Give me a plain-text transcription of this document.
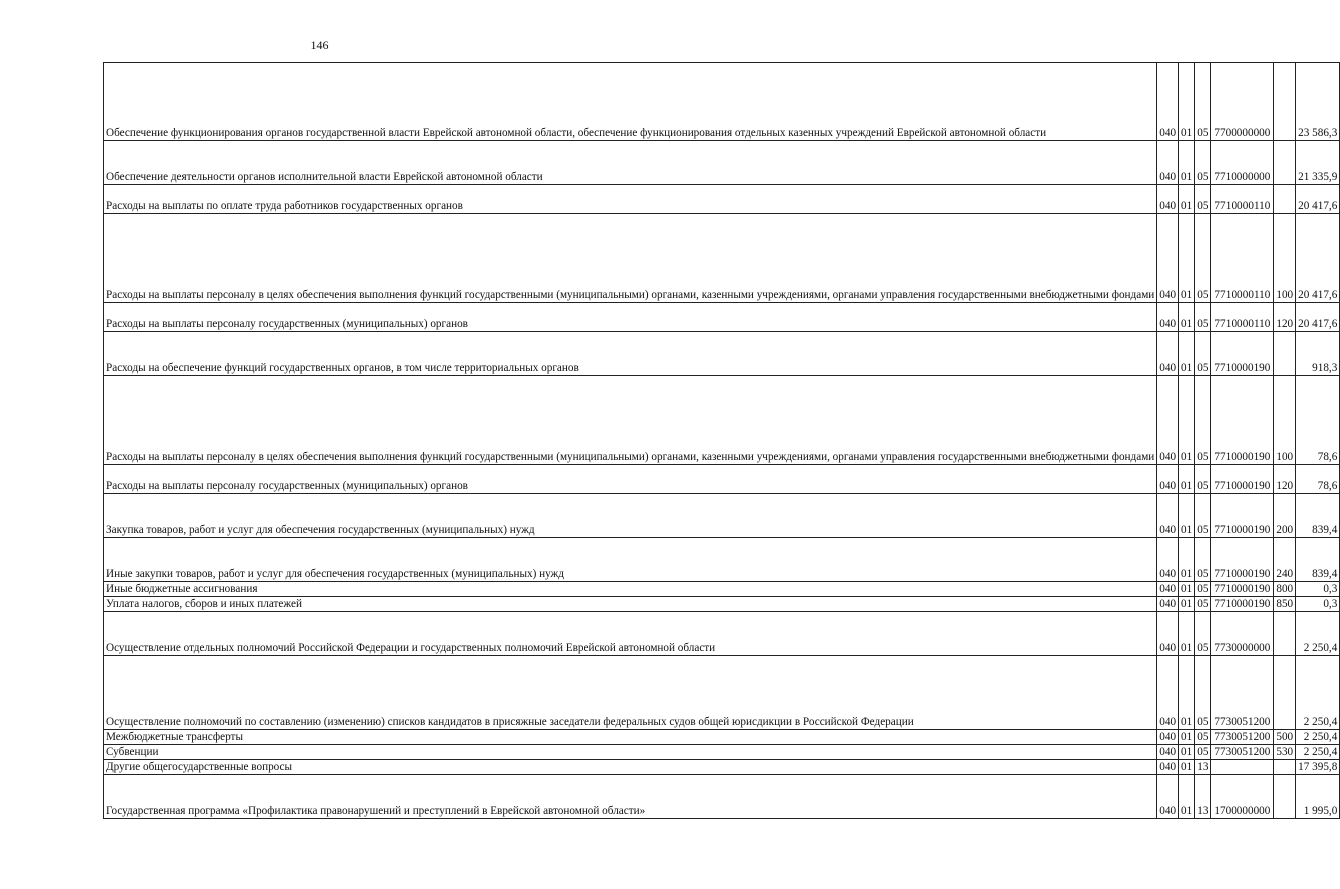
146
Обеспечение функционирования органов государственной власти Еврейской автономной области, обеспечение функционирования отдельных казенных учреждений Еврейской автономной области	040	01	05	77 0 00 00000		23 586,3

Обеспечение деятельности органов исполнительной власти Еврейской автономной области	040	01	05	77 1 00 00000		21 335,9

Расходы на выплаты по оплате труда работников государственных органов	040	01	05	77 1 00 00110		20 417,6

Расходы на выплаты персоналу в целях обеспечения выполнения функций государственными (муниципальными) органами, казенными учреждениями, органами управления государственными внебюджетными фондами	040	01	05	77 1 00 00110	100	20 417,6

Расходы на выплаты персоналу государственных (муниципальных) органов	040	01	05	77 1 00 00110	120	20 417,6

Расходы на обеспечение функций государственных органов, в том числе территориальных органов	040	01	05	77 1 00 00190		918,3

Расходы на выплаты персоналу в целях обеспечения выполнения функций государственными (муниципальными) органами, казенными учреждениями, органами управления государственными внебюджетными фондами	040	01	05	77 1 00 00190	100	78,6

Расходы на выплаты персоналу государственных (муниципальных) органов	040	01	05	77 1 00 00190	120	78,6

Закупка товаров, работ и услуг для обеспечения государственных (муниципальных) нужд	040	01	05	77 1 00 00190	200	839,4

Иные закупки товаров, работ и услуг для обеспечения государственных (муниципальных) нужд	040	01	05	77 1 00 00190	240	839,4

Иные бюджетные ассигнования	040	01	05	77 1 00 00190	800	0,3

Уплата налогов, сборов и иных платежей	040	01	05	77 1 00 00190	850	0,3

Осуществление отдельных полномочий Российской Федерации и государственных полномочий Еврейской автономной области	040	01	05	77 3 00 00000		2 250,4

Осуществление полномочий по составлению (изменению) списков кандидатов в присяжные заседатели федеральных судов общей юрисдикции в Российской Федерации	040	01	05	77 3 00 51200		2 250,4

Межбюджетные трансферты	040	01	05	77 3 00 51200	500	2 250,4

Субвенции	040	01	05	77 3 00 51200	530	2 250,4

Другие общегосударственные вопросы	040	01	13			17 395,8

Государственная программа «Профилактика правонарушений и преступлений в Еврейской автономной области»	040	01	13	17 0 00 00000		1 995,0
